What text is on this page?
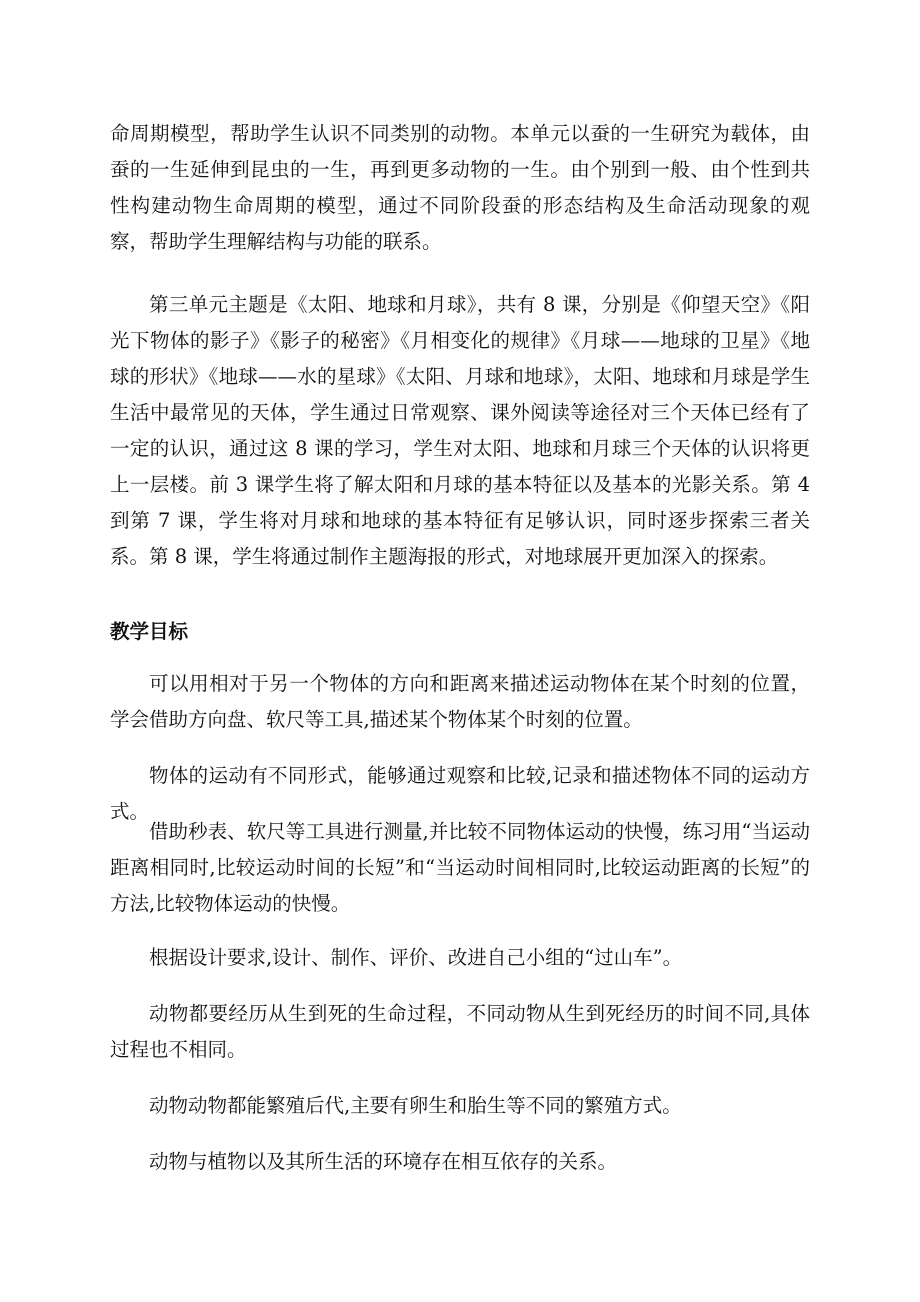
命周期模型，帮助学生认识不同类别的动物。本单元以蚕的一生研究为载体，由蚕的一生延伸到昆虫的一生，再到更多动物的一生。由个别到一般、由个性到共性构建动物生命周期的模型，通过不同阶段蚕的形态结构及生命活动现象的观察，帮助学生理解结构与功能的联系。

第三单元主题是《太阳、地球和月球》，共有 8 课，分别是《仰望天空》《阳光下物体的影子》《影子的秘密》《月相变化的规律》《月球——地球的卫星》《地球的形状》《地球——水的星球》《太阳、月球和地球》，太阳、地球和月球是学生生活中最常见的天体，学生通过日常观察、课外阅读等途径对三个天体已经有了一定的认识，通过这 8 课的学习，学生对太阳、地球和月球三个天体的认识将更上一层楼。前 3 课学生将了解太阳和月球的基本特征以及基本的光影关系。第 4 到第 7 课，学生将对月球和地球的基本特征有足够认识，同时逐步探索三者关系。第 8 课，学生将通过制作主题海报的形式，对地球展开更加深入的探索。

教学目标

可以用相对于另一个物体的方向和距离来描述运动物体在某个时刻的位置，学会借助方向盘、软尺等工具,描述某个物体某个时刻的位置。

物体的运动有不同形式，能够通过观察和比较,记录和描述物体不同的运动方式。

借助秒表、软尺等工具进行测量,并比较不同物体运动的快慢，练习用“当运动距离相同时,比较运动时间的长短”和“当运动时间相同时,比较运动距离的长短”的方法,比较物体运动的快慢。

根据设计要求,设计、制作、评价、改进自己小组的“过山车”。

动物都要经历从生到死的生命过程，不同动物从生到死经历的时间不同,具体过程也不相同。

动物动物都能繁殖后代,主要有卵生和胎生等不同的繁殖方式。

动物与植物以及其所生活的环境存在相互依存的关系。
